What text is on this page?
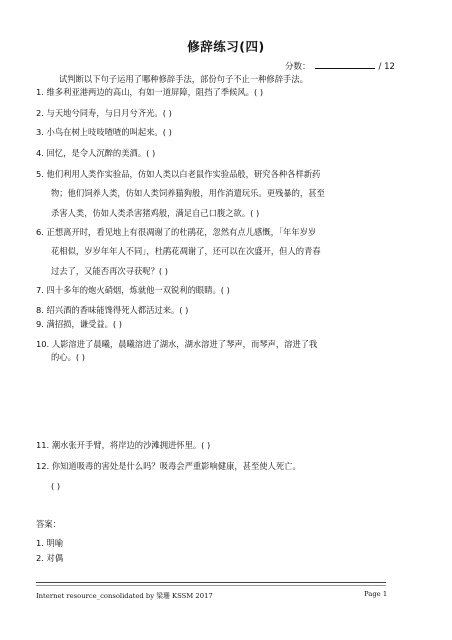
修辞练习(四)
分数：	/ 12
试判断以下句子运用了哪种修辞手法，部份句子不止一种修辞手法。
1. 维多利亚港两边的高山，有如一道屏障，阻挡了季候风。( )
2. 与天地兮同寿，与日月兮齐光。( )
3. 小鸟在树上吱吱喳喳的叫起来。( )
4. 回忆，是令人沉醉的美酒。( )
5. 他们利用人类作实验品，仿如人类以白老鼠作实验品般，研究各种各样新药
物；他们饲养人类，仿如人类饲养猫狗般，用作消遣玩乐。更残暴的，甚至
杀害人类，仿如人类杀害猪鸡般，满足自己口腹之欲。( )
6. 正想离开时，看见地上有很凋谢了的杜鹃花，忽然有点儿感慨，「年年岁岁
花相似，岁岁年年人不同」，杜鹃花凋谢了，还可以在次盛开，但人的青春
过去了，又能否再次寻获呢？( )
7. 四十多年的炮火硝烟，炼就他一双锐利的眼睛。( )
8. 绍兴酒的香味能馋得死人都活过来。( )
9. 满招损，谦受益。( )
10. 人影溶进了晨曦，晨曦溶进了湖水，湖水溶进了琴声，而琴声，溶进了我
的心。( )
11. 潮水张开手臂，将岸边的沙滩拥进怀里。( )
12. 你知道吸毒的害处是什么吗？吸毒会严重影响健康，甚至使人死亡。
( )
答案：
1. 明喻
2. 对偶
Internet resource_consolidated by 梁珊 KSSM 2017	Page 1
